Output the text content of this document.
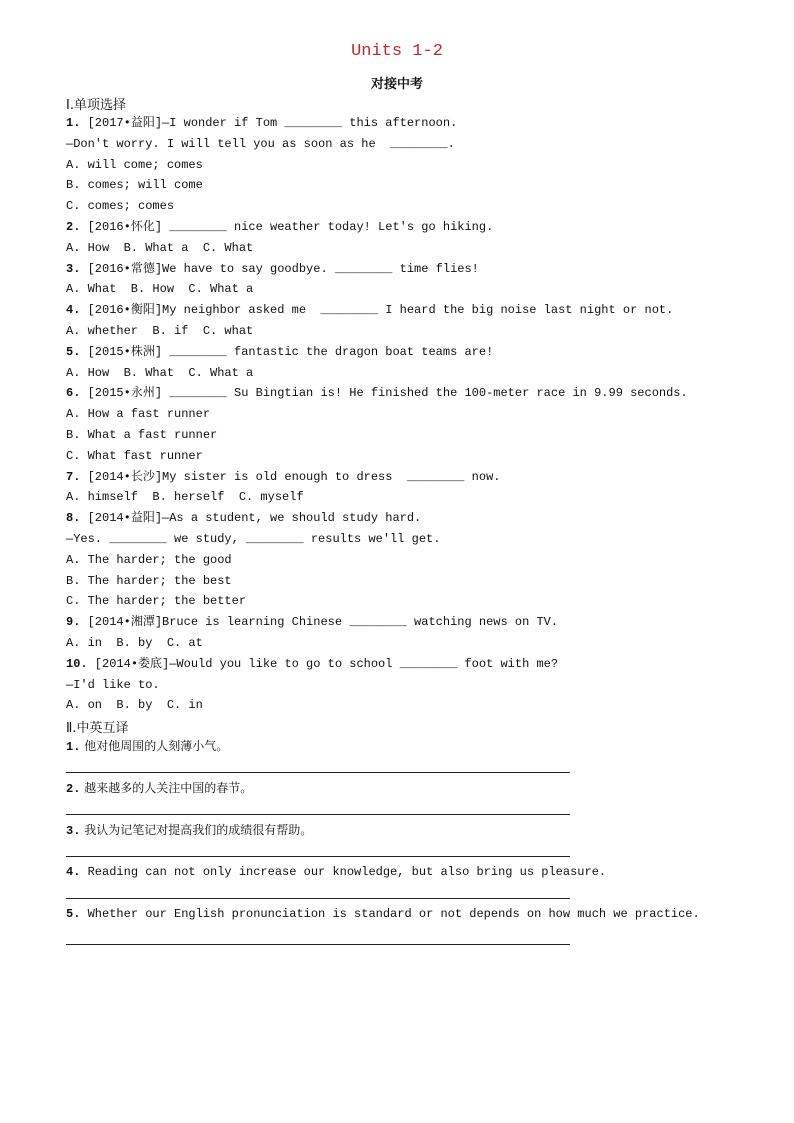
Units 1-2
对接中考
Ⅰ.单项选择
1. [2017•益阳]—I wonder if Tom ________ this afternoon.
—Don't worry. I will tell you as soon as he  ________.
A. will come; comes
B. comes; will come
C. comes; comes
2. [2016•怀化] ________ nice weather today! Let's go hiking.
A. How  B. What a  C. What
3. [2016•常德]We have to say goodbye. ________ time flies!
A. What  B. How  C. What a
4. [2016•衡阳]My neighbor asked me  ________ I heard the big noise last night or not.
A. whether  B. if  C. what
5. [2015•株洲] ________ fantastic the dragon boat teams are!
A. How  B. What  C. What a
6. [2015•永州] ________ Su Bingtian is! He finished the 100-meter race in 9.99 seconds.
A. How a fast runner
B. What a fast runner
C. What fast runner
7. [2014•长沙]My sister is old enough to dress  ________ now.
A. himself  B. herself  C. myself
8. [2014•益阳]—As a student, we should study hard.
—Yes. ________ we study, ________ results we'll get.
A. The harder; the good
B. The harder; the best
C. The harder; the better
9. [2014•湘潭]Bruce is learning Chinese ________ watching news on TV.
A. in  B. by  C. at
10. [2014•娄底]—Would you like to go to school ________ foot with me?
—I'd like to.
A. on  B. by  C. in
Ⅱ.中英互译
1. 他对他周围的人刻薄小气。
2. 越来越多的人关注中国的春节。
3. 我认为记笔记对提高我们的成绩很有帮助。
4. Reading can not only increase our knowledge, but also bring us pleasure.
5. Whether our English pronunciation is standard or not depends on how much we practice.
